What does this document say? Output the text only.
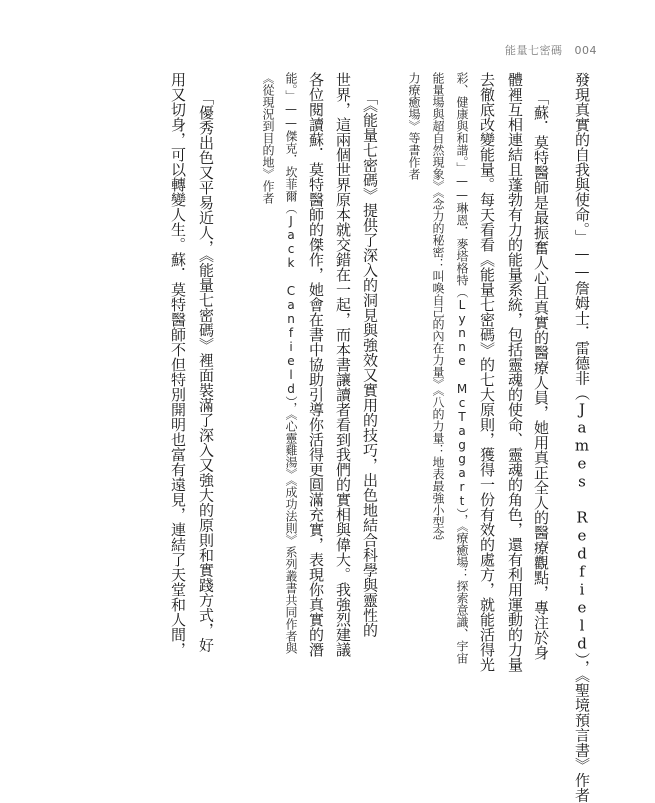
能量七密碼 004
發現真實的自我與使命。」——詹姆士．雷德非（James Redfield），《聖境預言書》作者
「蘇．莫特醫師是最振奮人心且真實的醫療人員，她用真正全人的醫療觀點，專注於身
體裡互相連結且蓬勃有力的能量系統，包括靈魂的使命、靈魂的角色，還有利用運動的力量
去徹底改變能量。每天看看《能量七密碼》的七大原則，獲得一份有效的處方，就能活得光
彩、健康與和諧。」——琳恩．麥塔格特（Lynne McTaggart），《療癒場：探索意識、宇宙
能量場與超自然現象》《念力的秘密：叫喚自己的內在力量》《八的力量：地表最強小型念
力療癒場》等書作者
「《能量七密碼》提供了深入的洞見與強效又實用的技巧，出色地結合科學與靈性的
世界，這兩個世界原本就交錯在一起，而本書讓讀者看到我們的實相與偉大。我強烈建議
各位閱讀蘇．莫特醫師的傑作，她會在書中協助引導你活得更圓滿充實，表現你真實的潛
能。」——傑克．坎菲爾（Jack Canfield），《心靈雞湯》《成功法則》系列叢書共同作者與
《從現況到目的地》作者
「優秀出色又平易近人，《能量七密碼》裡面裝滿了深入又強大的原則和實踐方式，好
用又切身，可以轉變人生。蘇．莫特醫師不但特別開明也富有遠見，連結了天堂和人間，
